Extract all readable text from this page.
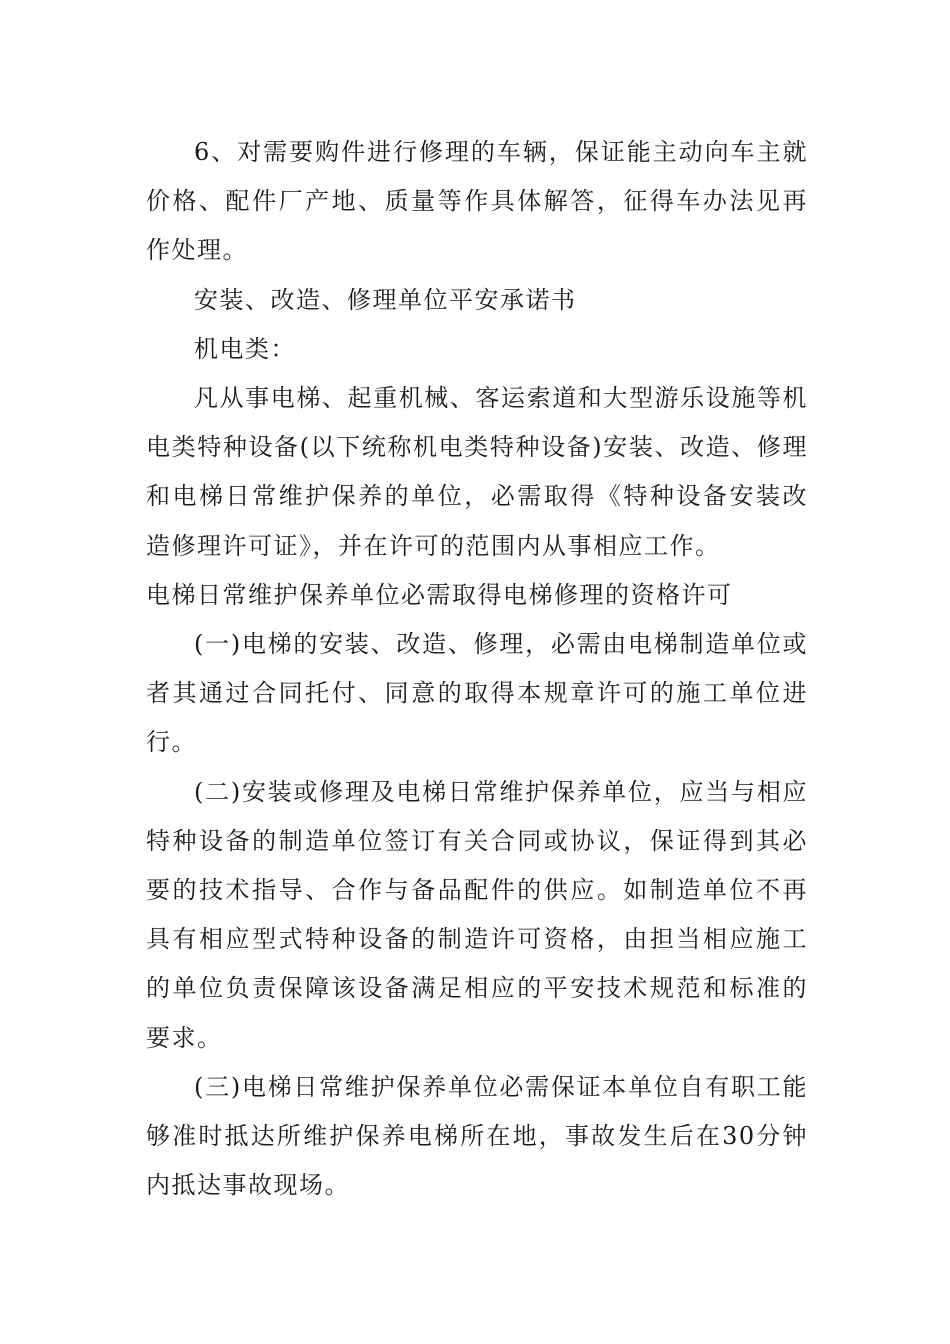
6、对需要购件进行修理的车辆，保证能主动向车主就价格、配件厂产地、质量等作具体解答，征得车办法见再作处理。

安装、改造、修理单位平安承诺书

机电类：

凡从事电梯、起重机械、客运索道和大型游乐设施等机电类特种设备(以下统称机电类特种设备)安装、改造、修理和电梯日常维护保养的单位，必需取得《特种设备安装改造修理许可证》，并在许可的范围内从事相应工作。

电梯日常维护保养单位必需取得电梯修理的资格许可

(一)电梯的安装、改造、修理，必需由电梯制造单位或者其通过合同托付、同意的取得本规章许可的施工单位进行。

(二)安装或修理及电梯日常维护保养单位，应当与相应特种设备的制造单位签订有关合同或协议，保证得到其必要的技术指导、合作与备品配件的供应。如制造单位不再具有相应型式特种设备的制造许可资格，由担当相应施工的单位负责保障该设备满足相应的平安技术规范和标准的要求。

(三)电梯日常维护保养单位必需保证本单位自有职工能够准时抵达所维护保养电梯所在地，事故发生后在30分钟内抵达事故现场。
